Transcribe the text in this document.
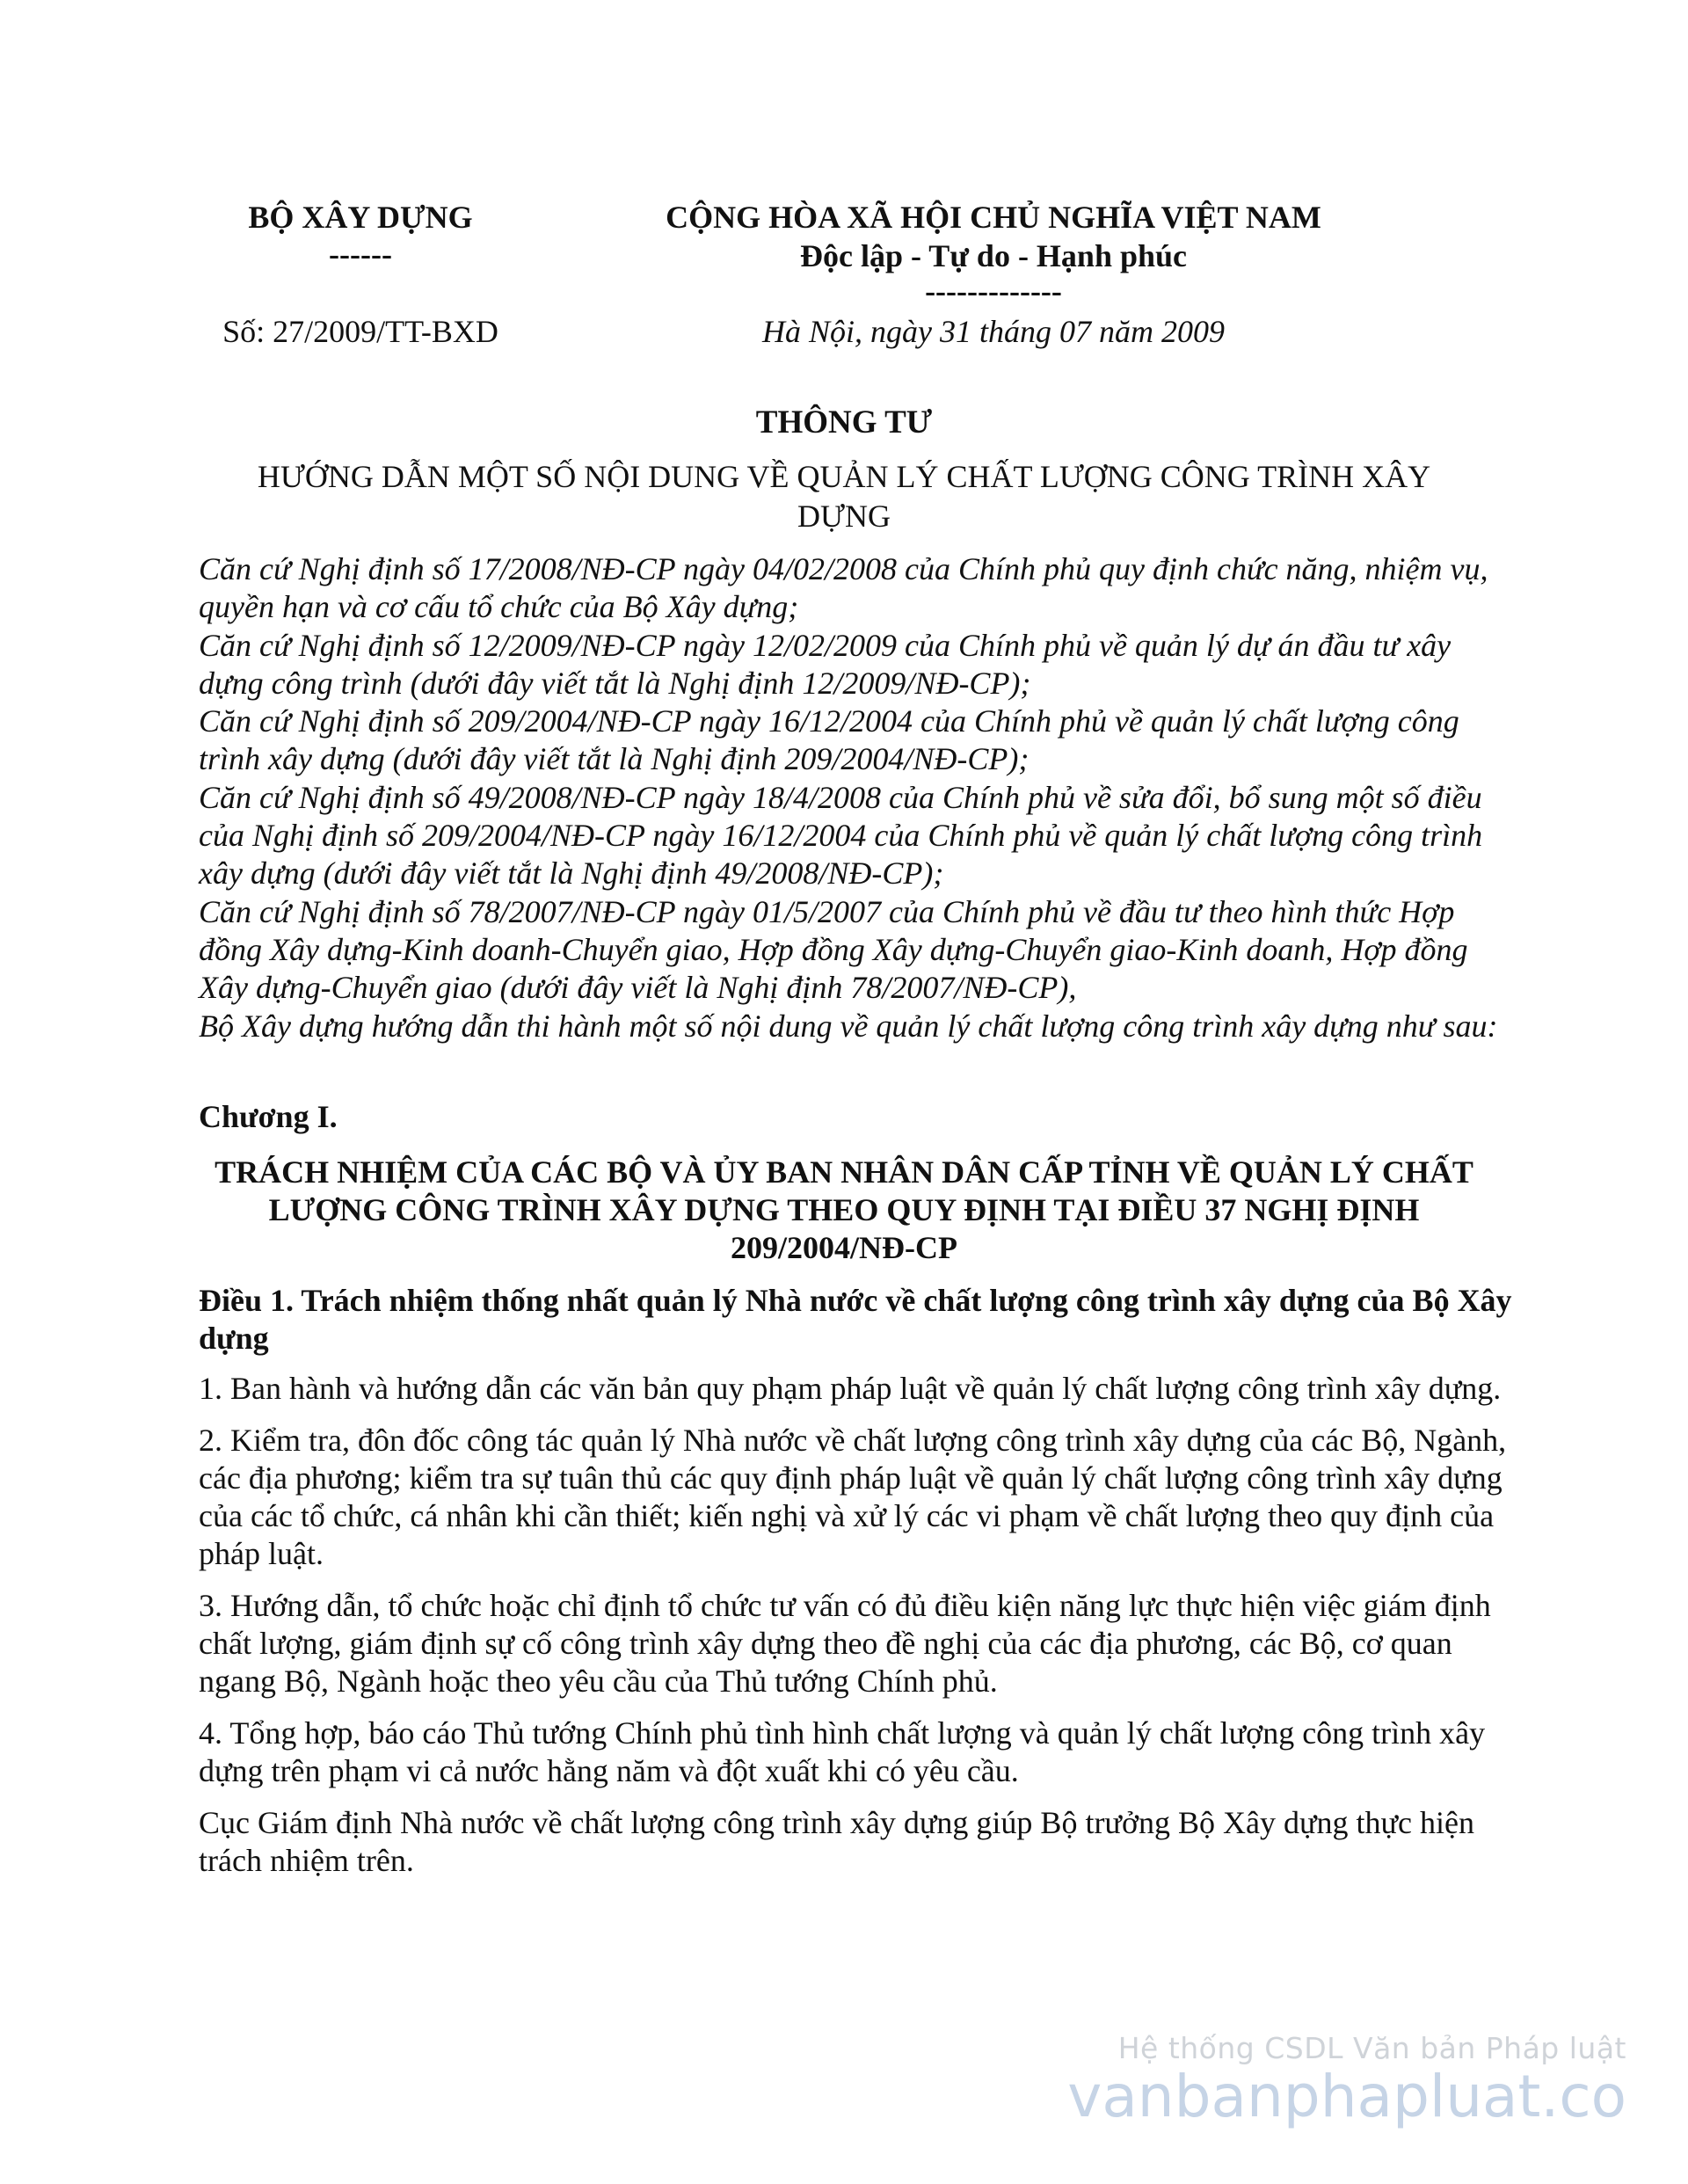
BỘ XÂY DỰNG
------
Số: 27/2009/TT-BXD
CỘNG HÒA XÃ HỘI CHỦ NGHĨA VIỆT NAM
Độc lập - Tự do - Hạnh phúc
-------------
Hà Nội, ngày 31 tháng 07 năm 2009
THÔNG TƯ
HƯỚNG DẪN MỘT SỐ NỘI DUNG VỀ QUẢN LÝ CHẤT LƯỢNG CÔNG TRÌNH XÂY DỰNG

Căn cứ Nghị định số 17/2008/NĐ-CP ngày 04/02/2008 của Chính phủ quy định chức năng, nhiệm vụ, quyền hạn và cơ cấu tổ chức của Bộ Xây dựng;

Căn cứ Nghị định số 12/2009/NĐ-CP ngày 12/02/2009 của Chính phủ về quản lý dự án đầu tư xây dựng công trình (dưới đây viết tắt là Nghị định 12/2009/NĐ-CP);

Căn cứ Nghị định số 209/2004/NĐ-CP ngày 16/12/2004 của Chính phủ về quản lý chất lượng công trình xây dựng (dưới đây viết tắt là Nghị định 209/2004/NĐ-CP);

Căn cứ Nghị định số 49/2008/NĐ-CP ngày 18/4/2008 của Chính phủ về sửa đổi, bổ sung một số điều của Nghị định số 209/2004/NĐ-CP ngày 16/12/2004 của Chính phủ về quản lý chất lượng công trình xây dựng (dưới đây viết tắt là Nghị định 49/2008/NĐ-CP);

Căn cứ Nghị định số 78/2007/NĐ-CP ngày 01/5/2007 của Chính phủ về đầu tư theo hình thức Hợp đồng Xây dựng-Kinh doanh-Chuyển giao, Hợp đồng Xây dựng-Chuyển giao-Kinh doanh, Hợp đồng Xây dựng-Chuyển giao (dưới đây viết là Nghị định 78/2007/NĐ-CP),

Bộ Xây dựng hướng dẫn thi hành một số nội dung về quản lý chất lượng công trình xây dựng như sau:

Chương I.
TRÁCH NHIỆM CỦA CÁC BỘ VÀ ỦY BAN NHÂN DÂN CẤP TỈNH VỀ QUẢN LÝ CHẤT LƯỢNG CÔNG TRÌNH XÂY DỰNG THEO QUY ĐỊNH TẠI ĐIỀU 37 NGHỊ ĐỊNH 209/2004/NĐ-CP

Điều 1. Trách nhiệm thống nhất quản lý Nhà nước về chất lượng công trình xây dựng của Bộ Xây dựng

1. Ban hành và hướng dẫn các văn bản quy phạm pháp luật về quản lý chất lượng công trình xây dựng.

2. Kiểm tra, đôn đốc công tác quản lý Nhà nước về chất lượng công trình xây dựng của các Bộ, Ngành, các địa phương; kiểm tra sự tuân thủ các quy định pháp luật về quản lý chất lượng công trình xây dựng của các tổ chức, cá nhân khi cần thiết; kiến nghị và xử lý các vi phạm về chất lượng theo quy định của pháp luật.

3. Hướng dẫn, tổ chức hoặc chỉ định tổ chức tư vấn có đủ điều kiện năng lực thực hiện việc giám định chất lượng, giám định sự cố công trình xây dựng theo đề nghị của các địa phương, các Bộ, cơ quan ngang Bộ, Ngành hoặc theo yêu cầu của Thủ tướng Chính phủ.

4. Tổng hợp, báo cáo Thủ tướng Chính phủ tình hình chất lượng và quản lý chất lượng công trình xây dựng trên phạm vi cả nước hằng năm và đột xuất khi có yêu cầu.

Cục Giám định Nhà nước về chất lượng công trình xây dựng giúp Bộ trưởng Bộ Xây dựng thực hiện trách nhiệm trên.

Hệ thống CSDL Văn bản Pháp luật
vanbanphapluat.co
